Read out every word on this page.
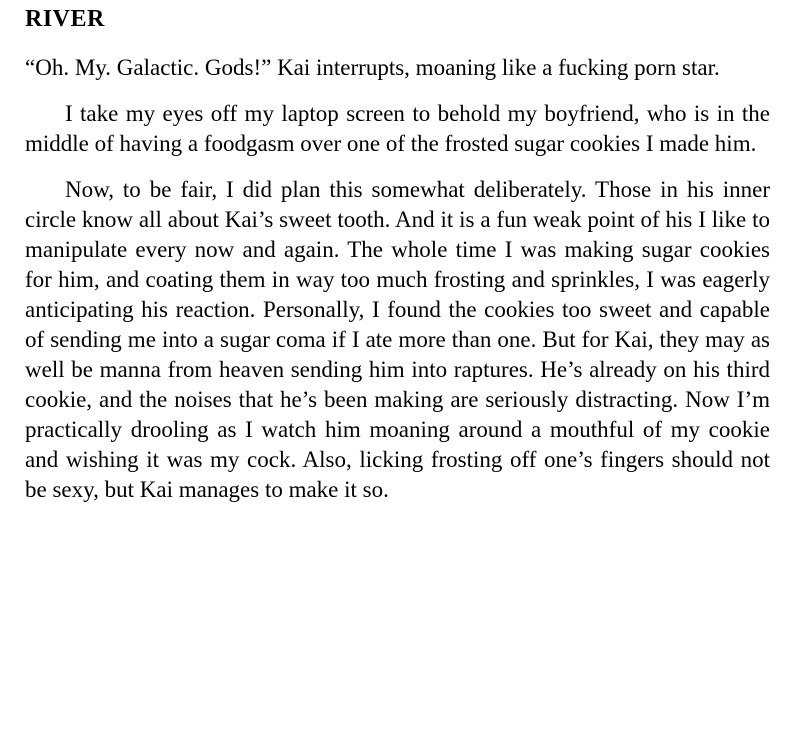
RIVER

“Oh. My. Galactic. Gods!” Kai interrupts, moaning like a fucking porn star.

I take my eyes off my laptop screen to behold my boyfriend, who is in the middle of having a foodgasm over one of the frosted sugar cookies I made him.

Now, to be fair, I did plan this somewhat deliberately. Those in his inner circle know all about Kai’s sweet tooth. And it is a fun weak point of his I like to manipulate every now and again. The whole time I was making sugar cookies for him, and coating them in way too much frosting and sprinkles, I was eagerly anticipating his reaction. Personally, I found the cookies too sweet and capable of sending me into a sugar coma if I ate more than one. But for Kai, they may as well be manna from heaven sending him into raptures. He’s already on his third cookie, and the noises that he’s been making are seriously distracting. Now I’m practically drooling as I watch him moaning around a mouthful of my cookie and wishing it was my cock. Also, licking frosting off one’s fingers should not be sexy, but Kai manages to make it so.
